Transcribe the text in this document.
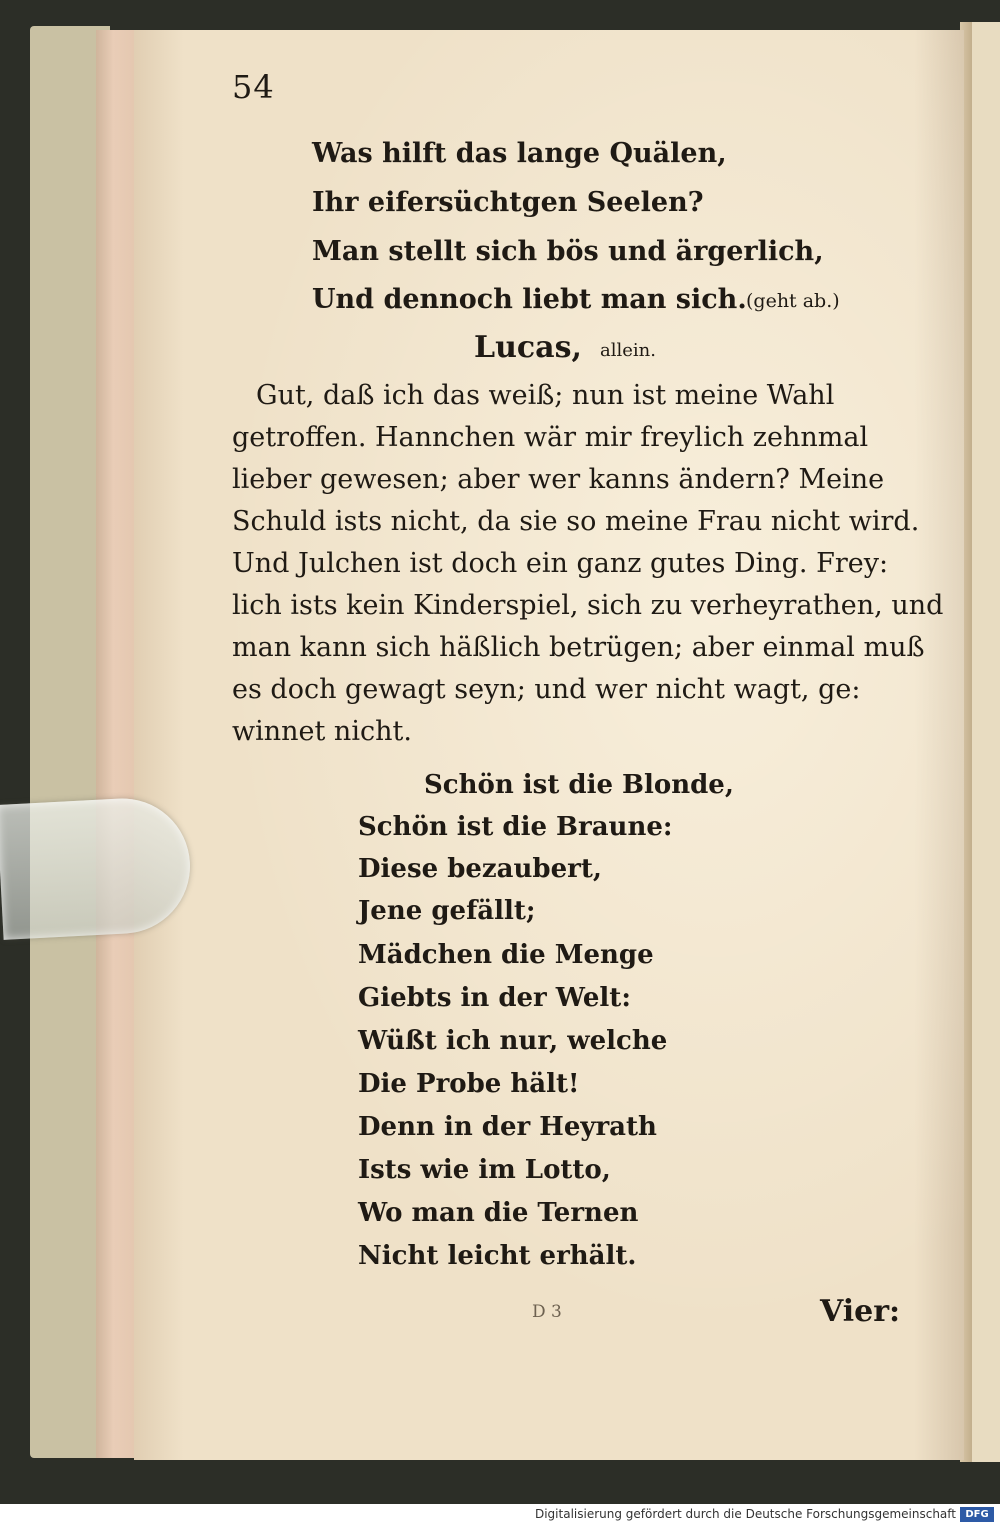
54
Was hilft das lange Quälen,
Ihr eifersüchtgen Seelen?
Man stellt sich bös und ärgerlich,
Und dennoch liebt man sich. (geht ab.)
Lucas, allein.
Gut, daß ich das weiß; nun ist meine Wahl
getroffen. Hannchen wär mir freylich zehnmal
lieber gewesen; aber wer kanns ändern? Meine
Schuld ists nicht, da sie so meine Frau nicht wird.
Und Julchen ist doch ein ganz gutes Ding. Frey:
lich ists kein Kinderspiel, sich zu verheyrathen, und
man kann sich häßlich betrügen; aber einmal muß
es doch gewagt seyn; und wer nicht wagt, ge:
winnet nicht.
Schön ist die Blonde,
Schön ist die Braune:
Diese bezaubert,
Jene gefällt;
Mädchen die Menge
Giebts in der Welt:
Wüßt ich nur, welche
Die Probe hält!
Denn in der Heyrath
Ists wie im Lotto,
Wo man die Ternen
Nicht leicht erhält.
D 3	Vier:
Digitalisierung gefördert durch die Deutsche Forschungsgemeinschaft DFG
